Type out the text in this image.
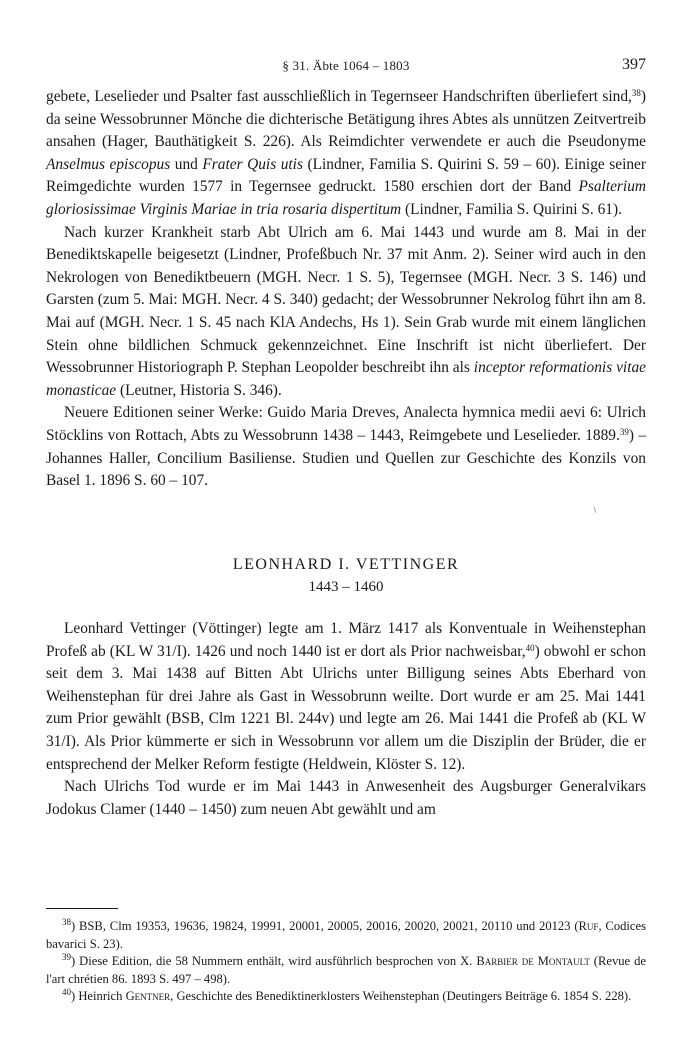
§ 31. Äbte 1064 – 1803	397

gebete, Leselieder und Psalter fast ausschließlich in Tegernseer Handschriften überliefert sind,$^{38}$) da seine Wessobrunner Mönche die dichterische Betätigung ihres Abtes als unnützen Zeitvertreib ansahen (Hager, Bauthätigkeit S. 226). Als Reimdichter verwendete er auch die Pseudonyme Anselmus episcopus und Frater Quis utis (Lindner, Familia S. Quirini S. 59 – 60). Einige seiner Reimgedichte wurden 1577 in Tegernsee gedruckt. 1580 erschien dort der Band Psalterium gloriosissimae Virginis Mariae in tria rosaria dispertitum (Lindner, Familia S. Quirini S. 61).

Nach kurzer Krankheit starb Abt Ulrich am 6. Mai 1443 und wurde am 8. Mai in der Benediktskapelle beigesetzt (Lindner, Profeßbuch Nr. 37 mit Anm. 2). Seiner wird auch in den Nekrologen von Benediktbeuern (MGH. Necr. 1 S. 5), Tegernsee (MGH. Necr. 3 S. 146) und Garsten (zum 5. Mai: MGH. Necr. 4 S. 340) gedacht; der Wessobrunner Nekrolog führt ihn am 8. Mai auf (MGH. Necr. 1 S. 45 nach KlA Andechs, Hs 1). Sein Grab wurde mit einem länglichen Stein ohne bildlichen Schmuck gekennzeichnet. Eine Inschrift ist nicht überliefert. Der Wessobrunner Historiograph P. Stephan Leopolder beschreibt ihn als inceptor reformationis vitae monasticae (Leutner, Historia S. 346).

Neuere Editionen seiner Werke: Guido Maria Dreves, Analecta hymnica medii aevi 6: Ulrich Stöcklins von Rottach, Abts zu Wessobrunn 1438 – 1443, Reimgebete und Leselieder. 1889.39) – Johannes Haller, Concilium Basiliense. Studien und Quellen zur Geschichte des Konzils von Basel 1. 1896 S. 60 – 107.

∖
LEONHARD I. VETTINGER
1443 – 1460

Leonhard Vettinger (Vöttinger) legte am 1. März 1417 als Konventuale in Weihenstephan Profeß ab (KL W 31/I). 1426 und noch 1440 ist er dort als Prior nachweisbar,$^{40}$) obwohl er schon seit dem 3. Mai 1438 auf Bitten Abt Ulrichs unter Billigung seines Abts Eberhard von Weihenstephan für drei Jahre als Gast in Wessobrunn weilte. Dort wurde er am 25. Mai 1441 zum Prior gewählt (BSB, Clm 1221 Bl. 244v) und legte am 26. Mai 1441 die Profeß ab (KL W 31/I). Als Prior kümmerte er sich in Wessobrunn vor allem um die Disziplin der Brüder, die er entsprechend der Melker Reform festigte (Heldwein, Klöster S. 12).

Nach Ulrichs Tod wurde er im Mai 1443 in Anwesenheit des Augsburger Generalvikars Jodokus Clamer (1440 – 1450) zum neuen Abt gewählt und am

$^{38}$) BSB, Clm 19353, 19636, 19824, 19991, 20001, 20005, 20016, 20020, 20021, 20110 und 20123 (Ruf, Codices bavarici S. 23).

$^{39}$) Diese Edition, die 58 Nummern enthält, wird ausführlich besprochen von X. Barbier de Montault (Revue de l'art chrétien 86. 1893 S. 497 – 498).

$^{40}$) Heinrich Gentner, Geschichte des Benediktinerklosters Weihenstephan (Deutingers Beiträge 6. 1854 S. 228).
